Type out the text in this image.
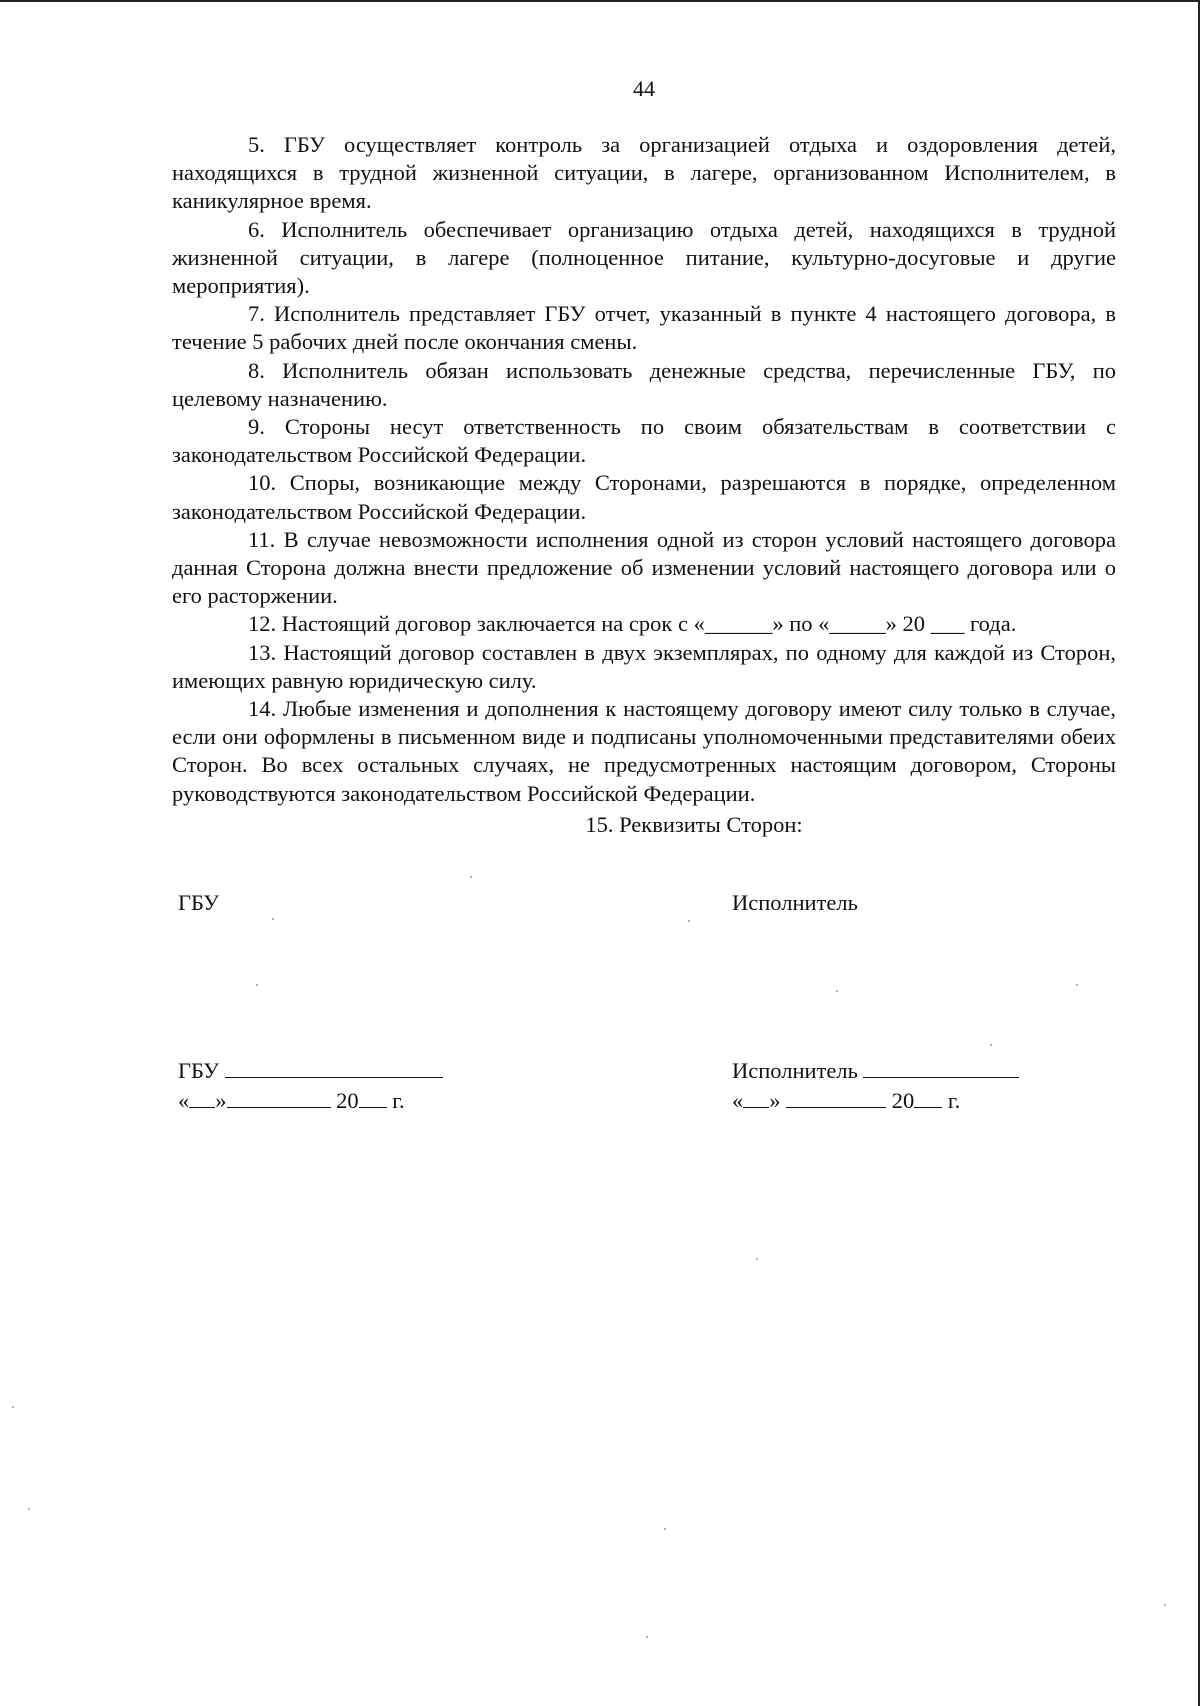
44

5. ГБУ осуществляет контроль за организацией отдыха и оздоровления детей, находящихся в трудной жизненной ситуации, в лагере, организованном Исполнителем, в каникулярное время.

6. Исполнитель обеспечивает организацию отдыха детей, находящихся в трудной жизненной ситуации, в лагере (полноценное питание, культурно-досуговые и другие мероприятия).

7. Исполнитель представляет ГБУ отчет, указанный в пункте 4 настоящего договора, в течение 5 рабочих дней после окончания смены.

8. Исполнитель обязан использовать денежные средства, перечисленные ГБУ, по целевому назначению.

9. Стороны несут ответственность по своим обязательствам в соответствии с законодательством Российской Федерации.

10. Споры, возникающие между Сторонами, разрешаются в порядке, определенном законодательством Российской Федерации.

11. В случае невозможности исполнения одной из сторон условий настоящего договора данная Сторона должна внести предложение об изменении условий настоящего договора или о его расторжении.

12. Настоящий договор заключается на срок с «______» по «_____» 20 ___ года.

13. Настоящий договор составлен в двух экземплярах, по одному для каждой из Сторон, имеющих равную юридическую силу.

14. Любые изменения и дополнения к настоящему договору имеют силу только в случае, если они оформлены в письменном виде и подписаны уполномоченными представителями обеих Сторон. Во всех остальных случаях, не предусмотренных настоящим договором, Стороны руководствуются законодательством Российской Федерации.

15. Реквизиты Сторон:

ГБУ
ГБУ
« »	20 г.
Исполнитель
Исполнитель
« »	20 г.
